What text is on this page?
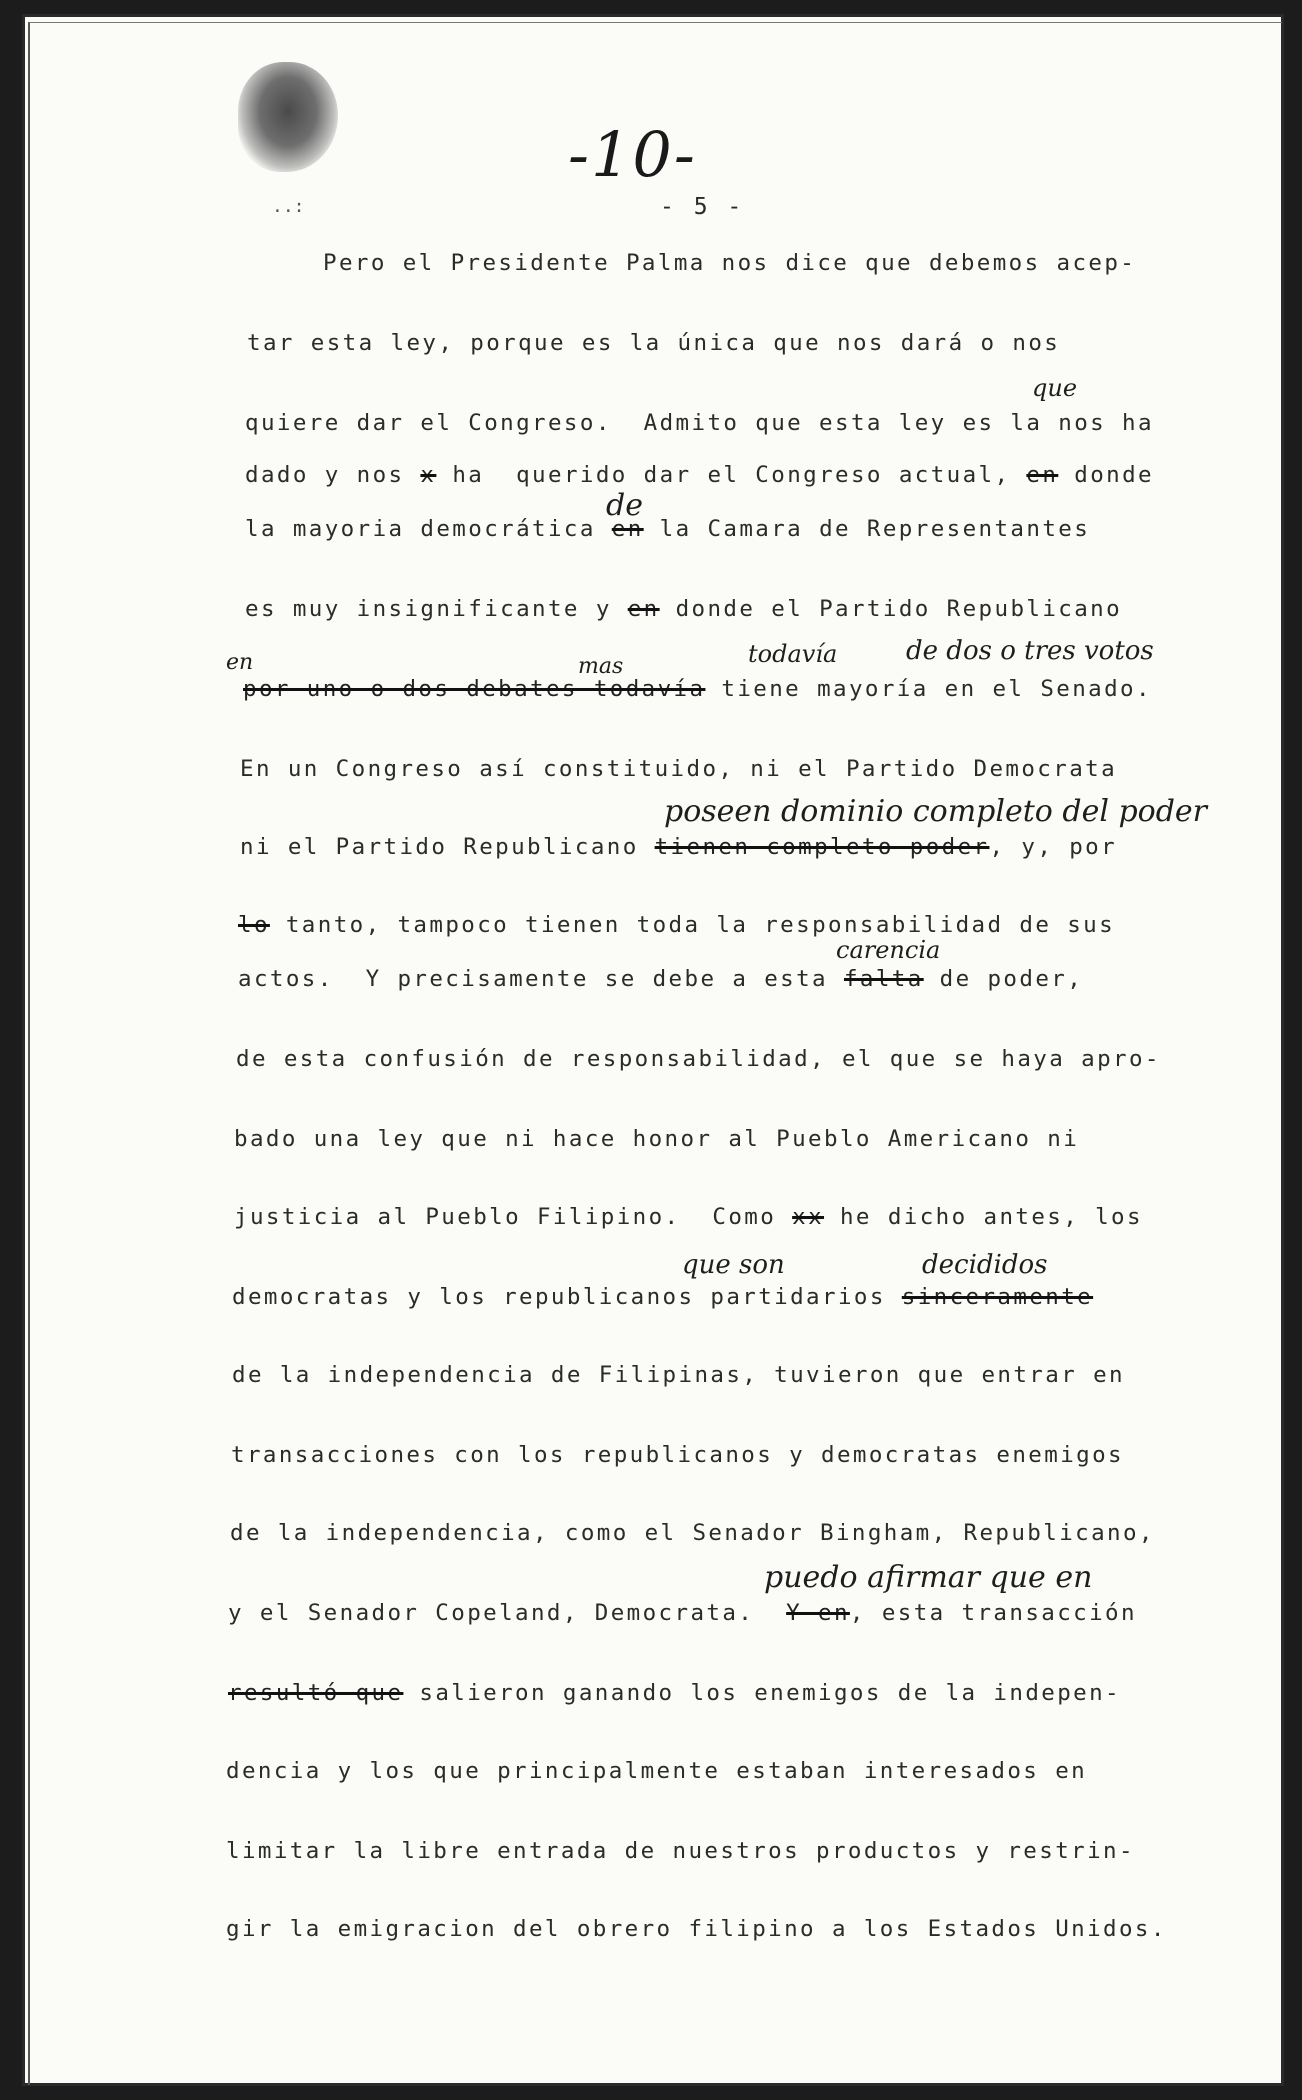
-10-
..:	- 5 -
Pero el Presidente Palma nos dice que debemos acep-
tar esta ley, porque es la única que nos dará o nos
quiere dar el Congreso.  Admito que esta ley es la nos ha
dado y nos x ha  querido dar el Congreso actual, en donde
la mayoria democrática en la Camara de Representantes
es muy insignificante y en donde el Partido Republicano
por uno o dos debates todavía tiene mayoría en el Senado.
En un Congreso así constituido, ni el Partido Democrata
ni el Partido Republicano tienen completo poder, y, por
lo tanto, tampoco tienen toda la responsabilidad de sus
actos.  Y precisamente se debe a esta falta de poder,
de esta confusión de responsabilidad, el que se haya apro-
bado una ley que ni hace honor al Pueblo Americano ni
justicia al Pueblo Filipino.  Como xx he dicho antes, los
democratas y los republicanos partidarios sinceramente
de la independencia de Filipinas, tuvieron que entrar en
transacciones con los republicanos y democratas enemigos
de la independencia, como el Senador Bingham, Republicano,
y el Senador Copeland, Democrata.  Y en, esta transacción
resultó que salieron ganando los enemigos de la indepen-
dencia y los que principalmente estaban interesados en
limitar la libre entrada de nuestros productos y restrin-
gir la emigracion del obrero filipino a los Estados Unidos.
que
de
en	mas	todavía	de dos o tres votos
poseen dominio completo del poder
carencia
que son	decididos
puedo afirmar que en
